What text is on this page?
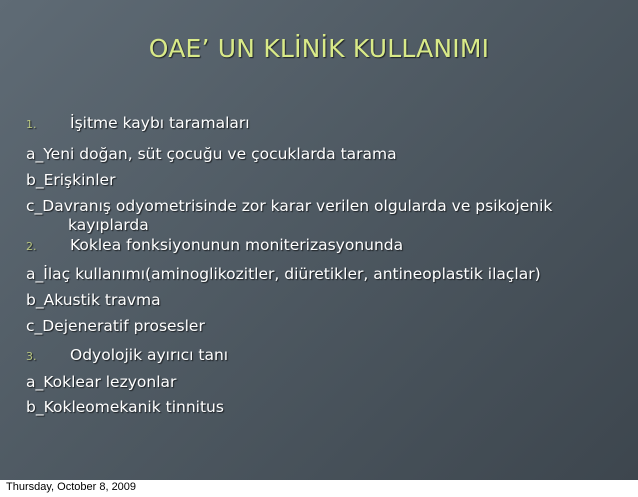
OAE’ UN KLİNİK KULLANIMI
1. İşitme kaybı taramaları
a_Yeni doğan, süt çocuğu ve çocuklarda tarama
b_Erişkinler
c_Davranış odyometrisinde zor karar verilen olgularda ve psikojenik
kayıplarda
2. Koklea fonksiyonunun moniterizasyonunda
a_İlaç kullanımı(aminoglikozitler, diüretikler, antineoplastik ilaçlar)
b_Akustik travma
c_Dejeneratif prosesler
3. Odyolojik ayırıcı tanı
a_Koklear lezyonlar
b_Kokleomekanik tinnitus
Thursday, October 8, 2009
